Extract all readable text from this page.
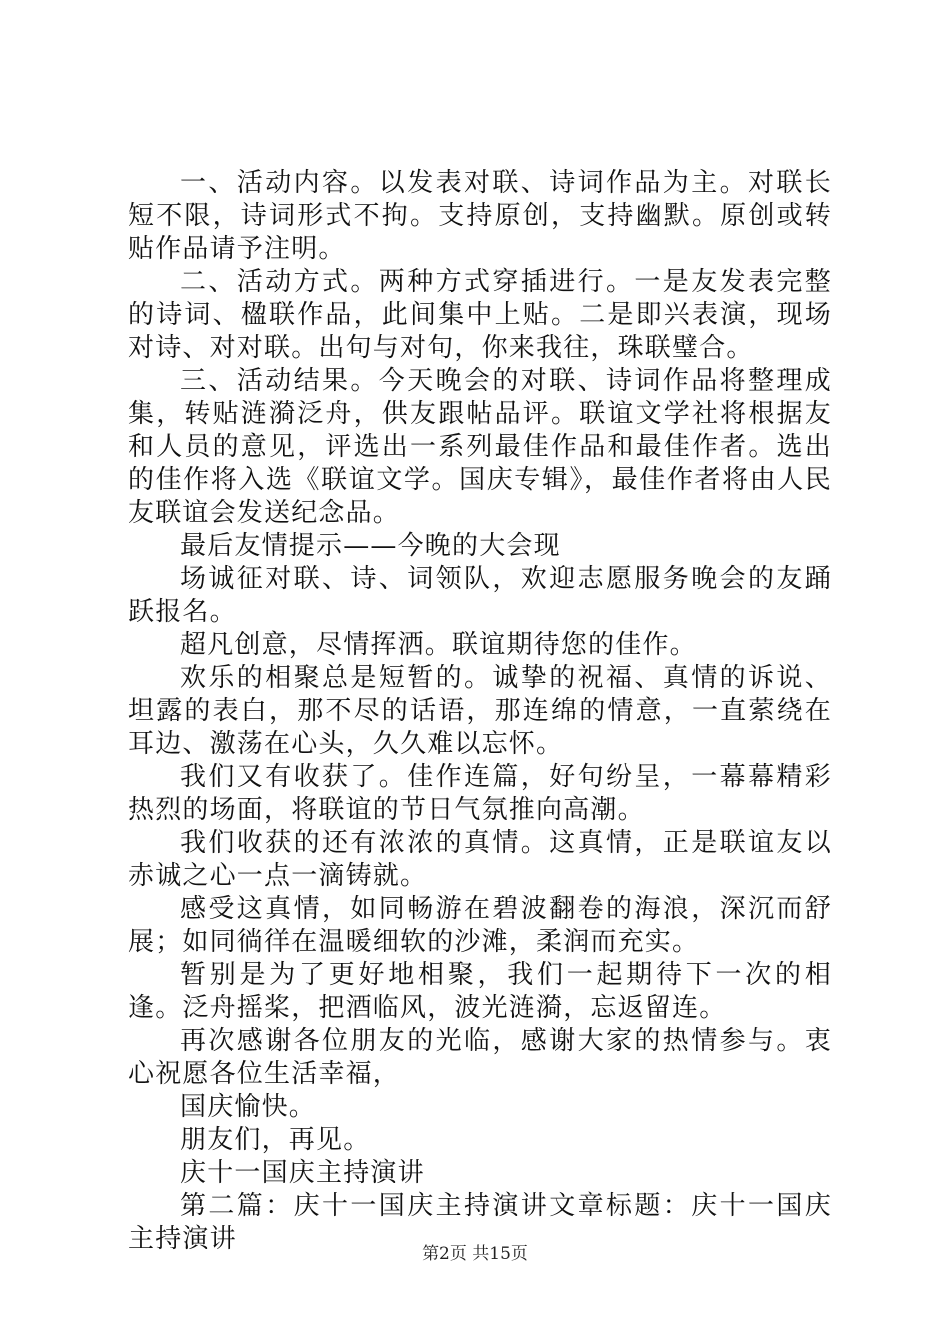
一、活动内容。以发表对联、诗词作品为主。对联长短不限，诗词形式不拘。支持原创，支持幽默。原创或转贴作品请予注明。

二、活动方式。两种方式穿插进行。一是友发表完整的诗词、楹联作品，此间集中上贴。二是即兴表演，现场对诗、对对联。出句与对句，你来我往，珠联璧合。

三、活动结果。今天晚会的对联、诗词作品将整理成集，转贴涟漪泛舟，供友跟帖品评。联谊文学社将根据友和人员的意见，评选出一系列最佳作品和最佳作者。选出的佳作将入选《联谊文学。国庆专辑》，最佳作者将由人民友联谊会发送纪念品。

最后友情提示——今晚的大会现

场诚征对联、诗、词领队，欢迎志愿服务晚会的友踊跃报名。

超凡创意，尽情挥洒。联谊期待您的佳作。

欢乐的相聚总是短暂的。诚挚的祝福、真情的诉说、坦露的表白，那不尽的话语，那连绵的情意，一直萦绕在耳边、激荡在心头，久久难以忘怀。

我们又有收获了。佳作连篇，好句纷呈，一幕幕精彩热烈的场面，将联谊的节日气氛推向高潮。

我们收获的还有浓浓的真情。这真情，正是联谊友以赤诚之心一点一滴铸就。

感受这真情，如同畅游在碧波翻卷的海浪，深沉而舒展；如同徜徉在温暖细软的沙滩，柔润而充实。

暂别是为了更好地相聚，我们一起期待下一次的相逢。泛舟摇桨，把酒临风，波光涟漪，忘返留连。

再次感谢各位朋友的光临，感谢大家的热情参与。衷心祝愿各位生活幸福，

国庆愉快。

朋友们，再见。

庆十一国庆主持演讲

第二篇：庆十一国庆主持演讲文章标题：庆十一国庆主持演讲	第2页 共15页
